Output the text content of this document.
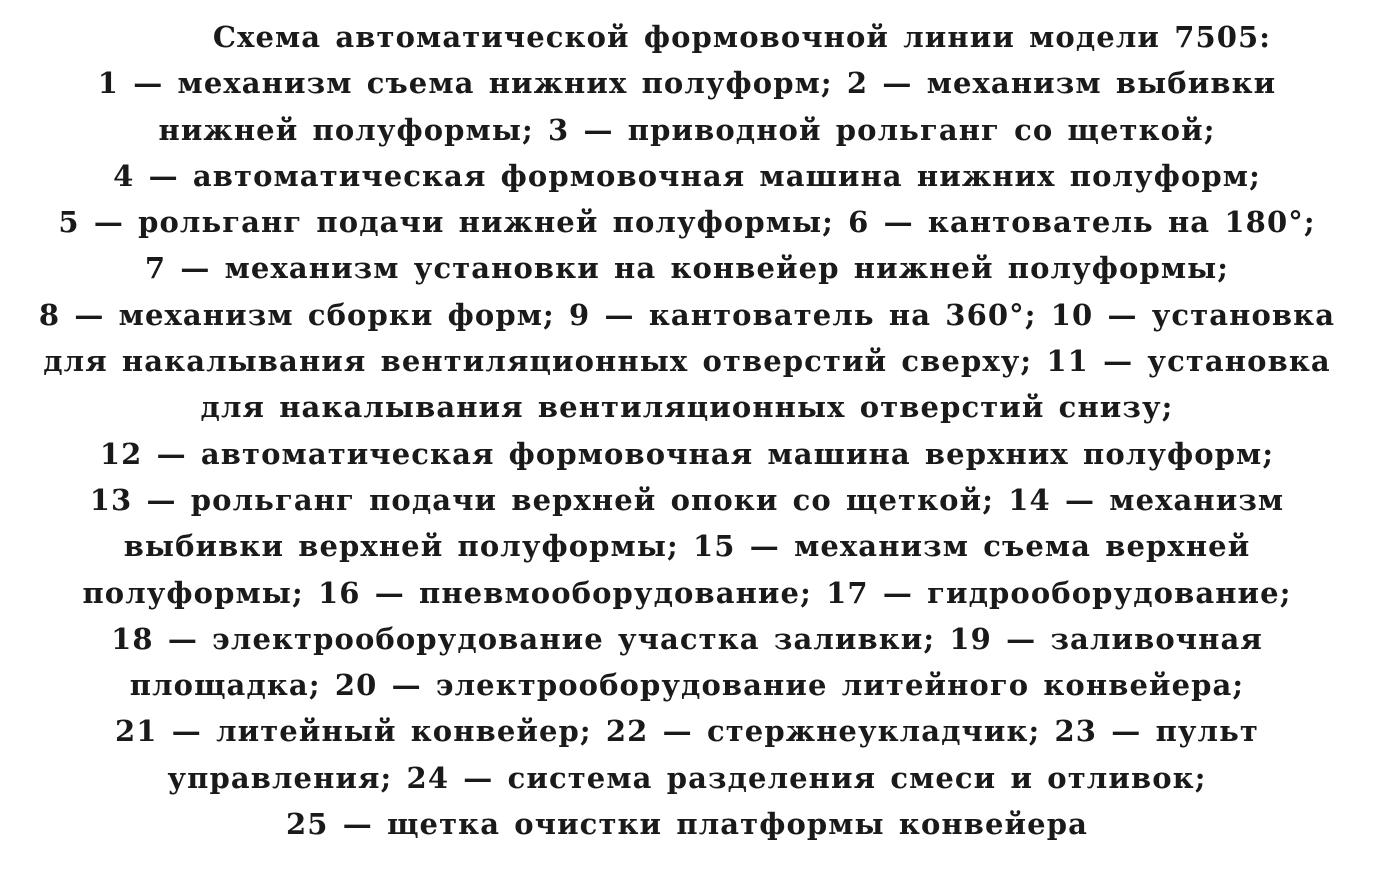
Схема автоматической формовочной линии модели 7505:
1 — механизм съема нижних полуформ; 2 — механизм выбивки
нижней полуформы; 3 — приводной рольганг со щеткой;
4 — автоматическая формовочная машина нижних полуформ;
5 — рольганг подачи нижней полуформы; 6 — кантователь на 180°;
7 — механизм установки на конвейер нижней полуформы;
8 — механизм сборки форм; 9 — кантователь на 360°; 10 — установка
для накалывания вентиляционных отверстий сверху; 11 — установка
для накалывания вентиляционных отверстий снизу;
12 — автоматическая формовочная машина верхних полуформ;
13 — рольганг подачи верхней опоки со щеткой; 14 — механизм
выбивки верхней полуформы; 15 — механизм съема верхней
полуформы; 16 — пневмооборудование; 17 — гидрооборудование;
18 — электрооборудование участка заливки; 19 — заливочная
площадка; 20 — электрооборудование литейного конвейера;
21 — литейный конвейер; 22 — стержнеукладчик; 23 — пульт
управления; 24 — система разделения смеси и отливок;
25 — щетка очистки платформы конвейера
